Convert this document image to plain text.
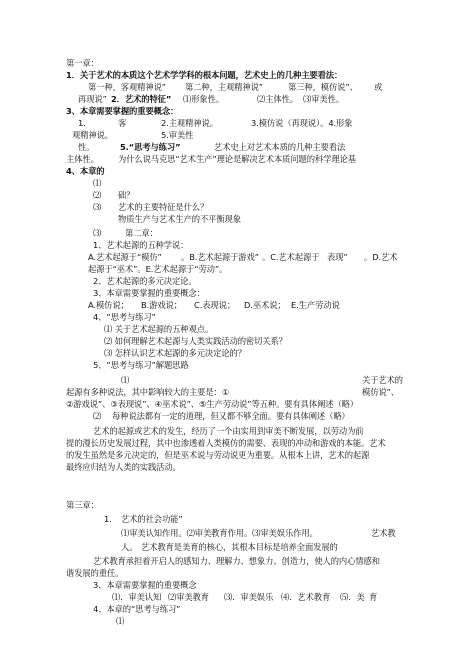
第一章：
1．关于艺术的本质这个艺术学学科的根本问题，艺术史上的几种主要看法：
第一种，客观精神说” 第二种，主观精神说”	第三种，模仿说”、 或
再现说” 2．艺术的特征” ⑴形象性。	⑵主体性。 ⑶审美性。
3、本章需要掌握的重要概念：
1.	客	2.主观精神说。	3.模仿说（再现说）。4.形象
观精神说。	5.审美性
性。	5.“思考与练习”	艺术史上对艺术本质的几种主要看法
主体性。 为什么说马克思“艺术生产”理论是解决艺术本质问题的科学理论基
4、本章的
⑴
⑵ 础？
⑶ 艺术的主要特征是什么？
物质生产与艺术生产的不平衡现象
⑶	第二章：
1、艺术起源的五种学说：
A.艺术起源于“模仿” 。B.艺术起源于游戏” 。C.艺术起源于 表现” 。D.艺术
起源于“巫术”。E.艺术起源于“劳动”。
2、艺术起源的多元决定论。
3、本章需要掌握的重要概念：
A.模仿说； B.游戏说； C.表现说； D.巫术说； E.生产劳动说
4、“思考与练习”
⑴ 关于艺术起源的五种观点。
⑵ 如何理解艺术起源与人类实践活动的密切关系？
⑶ 怎样认识艺术起源的多元决定论的？
5、“思考与练习”解题思路
⑴	关于艺术的
起源有多种说法，其中影响较大的主要是：①	模仿说”、
②游戏说”、③表现说”、④巫术说”、⑤生产劳动说”等五种。要有具体阐述（略）
⑵ 每种说法都有一定的道理，但又都不够全面。要有具体阐述（略）
艺术的起源或艺术的发生，经历了一个由实用到审美不断发展，以劳动为前
提的漫长历史发展过程，其中也渗透着人类模仿的需要、表现的冲动和游戏的本能。艺术
的发生虽然是多元决定的，但是巫术说与劳动说更为重要。从根本上讲，艺术的起源
最终应归结为人类的实践活动。
第三章：
1． 艺术的社会功能”
⑴审美认知作用。⑵审美教育作用。⑶审美娱乐作用。	艺术教
人。 艺术教育是美育的核心，其根本目标是培养全面发展的
艺术教育承担着开启人的感知力、理解力、想象力、创造力，使人的内心情感和
谐发展的重任。
3、本章需要掌握的重要概念
⑴．审美认知 ⑵审美教育 ⑶．审美娱乐 ⑷．艺术教育 ⑸．美 育
4、本章的“思考与练习”
⑴
